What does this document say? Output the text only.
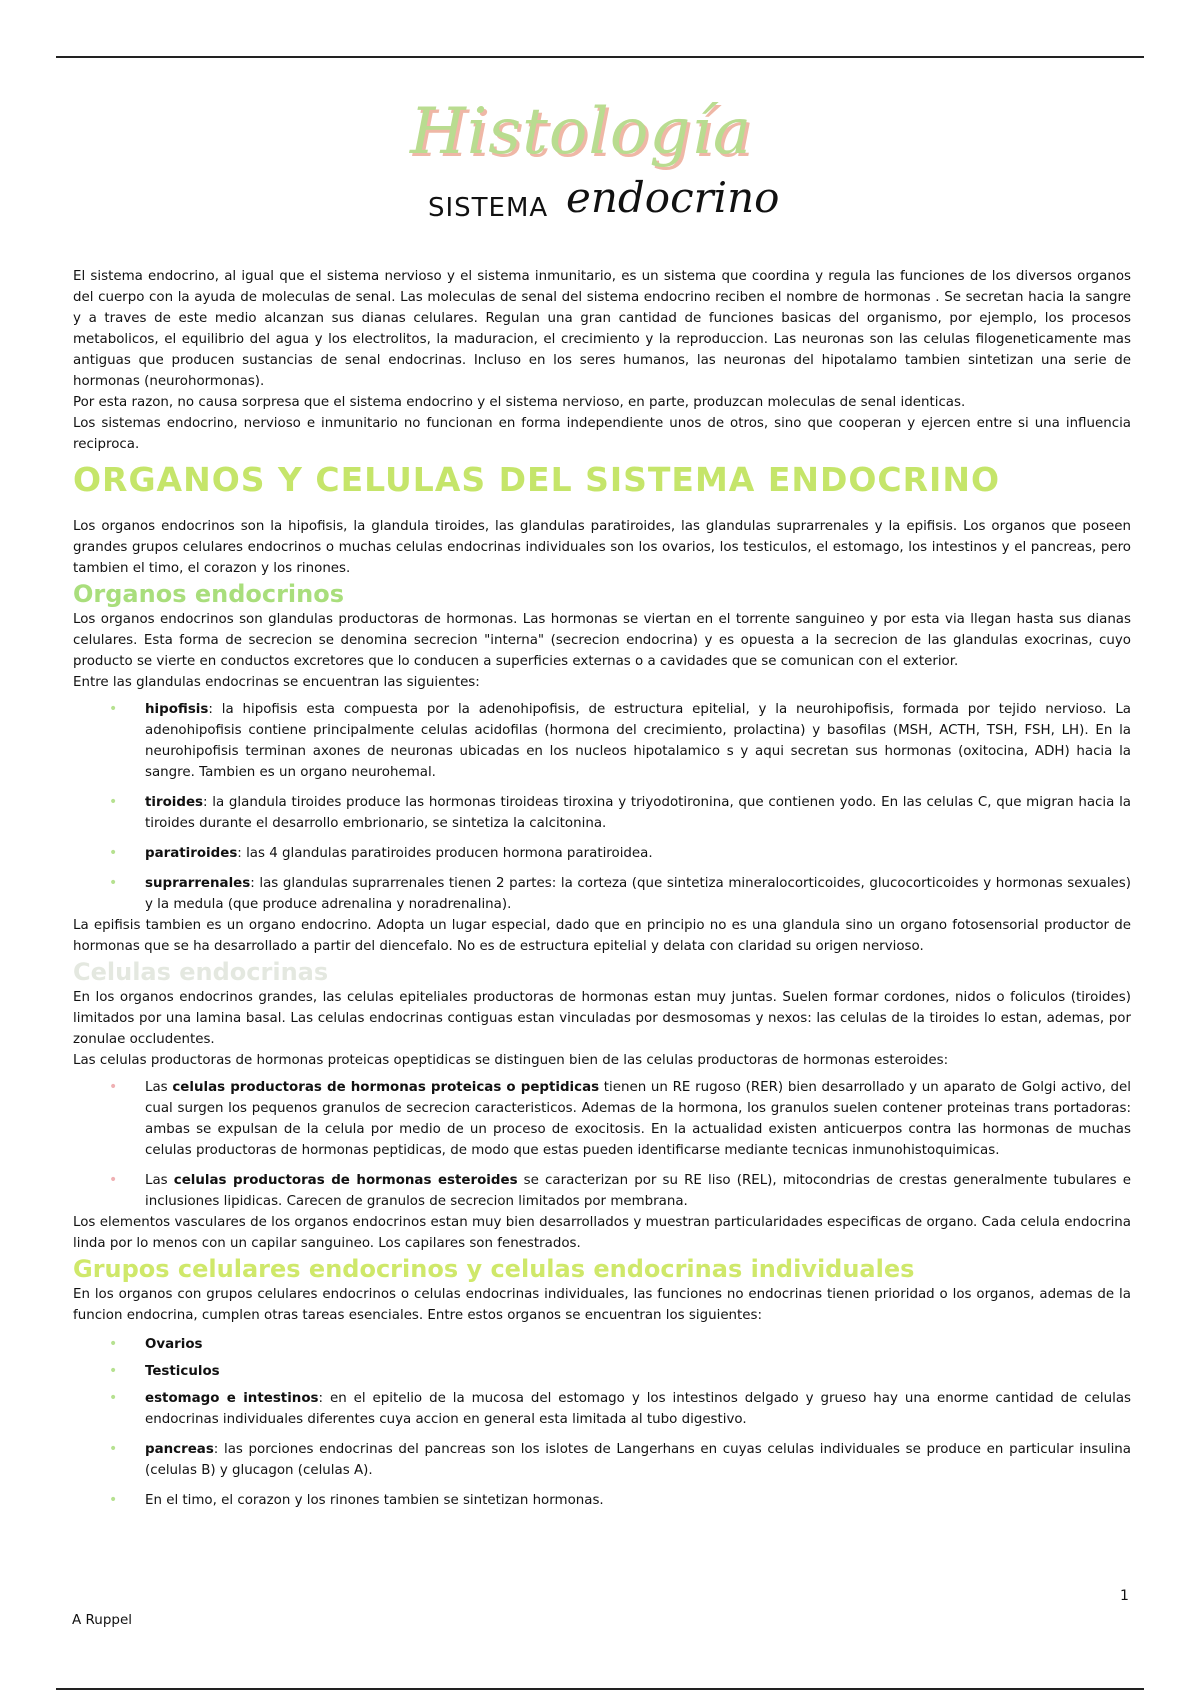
Histología
SISTEMA endocrino

El sistema endocrino, al igual que el sistema nervioso y el sistema inmunitario, es un sistema que coordina y regula las funciones de los diversos organos del cuerpo con la ayuda de moleculas de senal. Las moleculas de senal del sistema endocrino reciben el nombre de hormonas . Se secretan hacia la sangre y a traves de este medio alcanzan sus dianas celulares. Regulan una gran cantidad de funciones basicas del organismo, por ejemplo, los procesos metabolicos, el equilibrio del agua y los electrolitos, la maduracion, el crecimiento y la reproduccion. Las neuronas son las celulas filogeneticamente mas antiguas que producen sustancias de senal endocrinas. Incluso en los seres humanos, las neuronas del hipotalamo tambien sintetizan una serie de hormonas (neurohormonas).

Por esta razon, no causa sorpresa que el sistema endocrino y el sistema nervioso, en parte, produzcan moleculas de senal identicas.

Los sistemas endocrino, nervioso e inmunitario no funcionan en forma independiente unos de otros, sino que cooperan y ejercen entre si una influencia reciproca.

ORGANOS Y CELULAS DEL SISTEMA ENDOCRINO

Los organos endocrinos son la hipofisis, la glandula tiroides, las glandulas paratiroides, las glandulas suprarrenales y la epifisis. Los organos que poseen grandes grupos celulares endocrinos o muchas celulas endocrinas individuales son los ovarios, los testiculos, el estomago, los intestinos y el pancreas, pero tambien el timo, el corazon y los rinones.

Organos endocrinos

Los organos endocrinos son glandulas productoras de hormonas. Las hormonas se viertan en el torrente sanguineo y por esta via llegan hasta sus dianas celulares. Esta forma de secrecion se denomina secrecion "interna" (secrecion endocrina) y es opuesta a la secrecion de las glandulas exocrinas, cuyo producto se vierte en conductos excretores que lo conducen a superficies externas o a cavidades que se comunican con el exterior.

Entre las glandulas endocrinas se encuentran las siguientes:

• hipofisis: la hipofisis esta compuesta por la adenohipofisis, de estructura epitelial, y la neurohipofisis, formada por tejido nervioso. La adenohipofisis contiene principalmente celulas acidofilas (hormona del crecimiento, prolactina) y basofilas (MSH, ACTH, TSH, FSH, LH). En la neurohipofisis terminan axones de neuronas ubicadas en los nucleos hipotalamico s y aqui secretan sus hormonas (oxitocina, ADH) hacia la sangre. Tambien es un organo neurohemal.
• tiroides: la glandula tiroides produce las hormonas tiroideas tiroxina y triyodotironina, que contienen yodo. En las celulas C, que migran hacia la tiroides durante el desarrollo embrionario, se sintetiza la calcitonina.
• paratiroides: las 4 glandulas paratiroides producen hormona paratiroidea.
• suprarrenales: las glandulas suprarrenales tienen 2 partes: la corteza (que sintetiza mineralocorticoides, glucocorticoides y hormonas sexuales) y la medula (que produce adrenalina y noradrenalina).

La epifisis tambien es un organo endocrino. Adopta un lugar especial, dado que en principio no es una glandula sino un organo fotosensorial productor de hormonas que se ha desarrollado a partir del diencefalo. No es de estructura epitelial y delata con claridad su origen nervioso.

Celulas endocrinas

En los organos endocrinos grandes, las celulas epiteliales productoras de hormonas estan muy juntas. Suelen formar cordones, nidos o foliculos (tiroides) limitados por una lamina basal. Las celulas endocrinas contiguas estan vinculadas por desmosomas y nexos: las celulas de la tiroides lo estan, ademas, por zonulae occludentes.

Las celulas productoras de hormonas proteicas opeptidicas se distinguen bien de las celulas productoras de hormonas esteroides:

• Las celulas productoras de hormonas proteicas o peptidicas tienen un RE rugoso (RER) bien desarrollado y un aparato de Golgi activo, del cual surgen los pequenos granulos de secrecion caracteristicos. Ademas de la hormona, los granulos suelen contener proteinas trans portadoras: ambas se expulsan de la celula por medio de un proceso de exocitosis. En la actualidad existen anticuerpos contra las hormonas de muchas celulas productoras de hormonas peptidicas, de modo que estas pueden identificarse mediante tecnicas inmunohistoquimicas.
• Las celulas productoras de hormonas esteroides se caracterizan por su RE liso (REL), mitocondrias de crestas generalmente tubulares e inclusiones lipidicas. Carecen de granulos de secrecion limitados por membrana.

Los elementos vasculares de los organos endocrinos estan muy bien desarrollados y muestran particularidades especificas de organo. Cada celula endocrina linda por lo menos con un capilar sanguineo. Los capilares son fenestrados.

Grupos celulares endocrinos y celulas endocrinas individuales

En los organos con grupos celulares endocrinos o celulas endocrinas individuales, las funciones no endocrinas tienen prioridad o los organos, ademas de la funcion endocrina, cumplen otras tareas esenciales. Entre estos organos se encuentran los siguientes:

• Ovarios
• Testiculos
• estomago e intestinos: en el epitelio de la mucosa del estomago y los intestinos delgado y grueso hay una enorme cantidad de celulas endocrinas individuales diferentes cuya accion en general esta limitada al tubo digestivo.
• pancreas: las porciones endocrinas del pancreas son los islotes de Langerhans en cuyas celulas individuales se produce en particular insulina (celulas B) y glucagon (celulas A).
• En el timo, el corazon y los rinones tambien se sintetizan hormonas.
1
A Ruppel
